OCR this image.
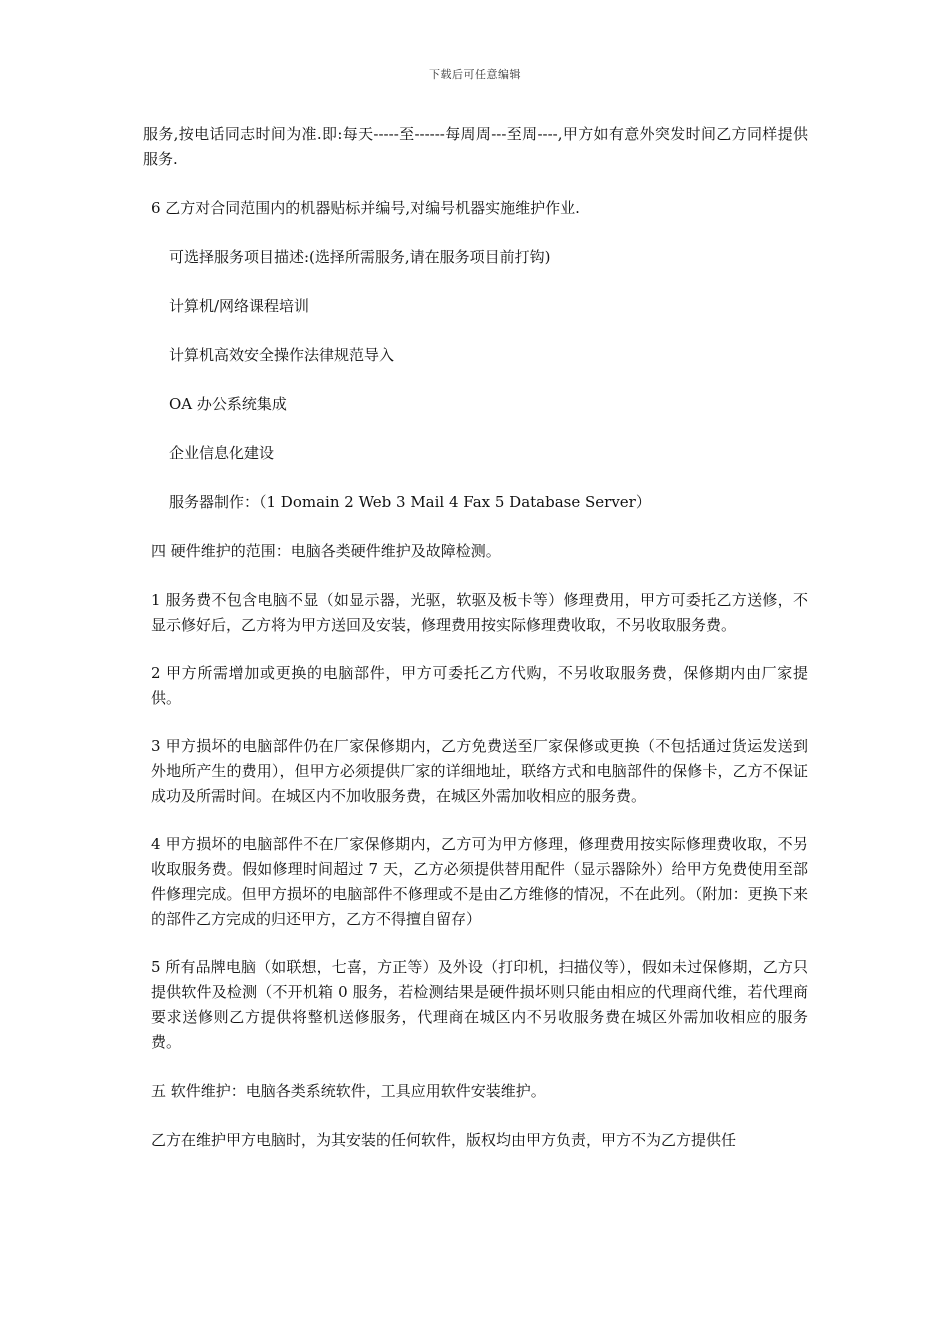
下载后可任意编辑

服务,按电话同志时间为准.即:每天-----至------每周周---至周----,甲方如有意外突发时间乙方同样提供服务.

6 乙方对合同范围内的机器贴标并编号,对编号机器实施维护作业.

可选择服务项目描述:(选择所需服务,请在服务项目前打钩)

计算机/网络课程培训

计算机高效安全操作法律规范导入

OA 办公系统集成

企业信息化建设

服务器制作：（1 Domain 2 Web 3 Mail 4 Fax 5 Database Server）

四 硬件维护的范围：电脑各类硬件维护及故障检测。

1 服务费不包含电脑不显（如显示器，光驱，软驱及板卡等）修理费用，甲方可委托乙方送修，不显示修好后，乙方将为甲方送回及安装，修理费用按实际修理费收取，不另收取服务费。

2 甲方所需增加或更换的电脑部件，甲方可委托乙方代购，不另收取服务费，保修期内由厂家提供。

3 甲方损坏的电脑部件仍在厂家保修期内，乙方免费送至厂家保修或更换（不包括通过货运发送到外地所产生的费用），但甲方必须提供厂家的详细地址，联络方式和电脑部件的保修卡，乙方不保证成功及所需时间。在城区内不加收服务费，在城区外需加收相应的服务费。

4 甲方损坏的电脑部件不在厂家保修期内，乙方可为甲方修理，修理费用按实际修理费收取，不另收取服务费。假如修理时间超过 7 天，乙方必须提供替用配件（显示器除外）给甲方免费使用至部件修理完成。但甲方损坏的电脑部件不修理或不是由乙方维修的情况，不在此列。（附加：更换下来的部件乙方完成的归还甲方，乙方不得擅自留存）

5 所有品牌电脑（如联想，七喜，方正等）及外设（打印机，扫描仪等），假如未过保修期，乙方只提供软件及检测（不开机箱 0 服务，若检测结果是硬件损坏则只能由相应的代理商代维，若代理商要求送修则乙方提供将整机送修服务，代理商在城区内不另收服务费在城区外需加收相应的服务费。

五 软件维护：电脑各类系统软件，工具应用软件安装维护。

乙方在维护甲方电脑时，为其安装的任何软件，版权均由甲方负责，甲方不为乙方提供任
